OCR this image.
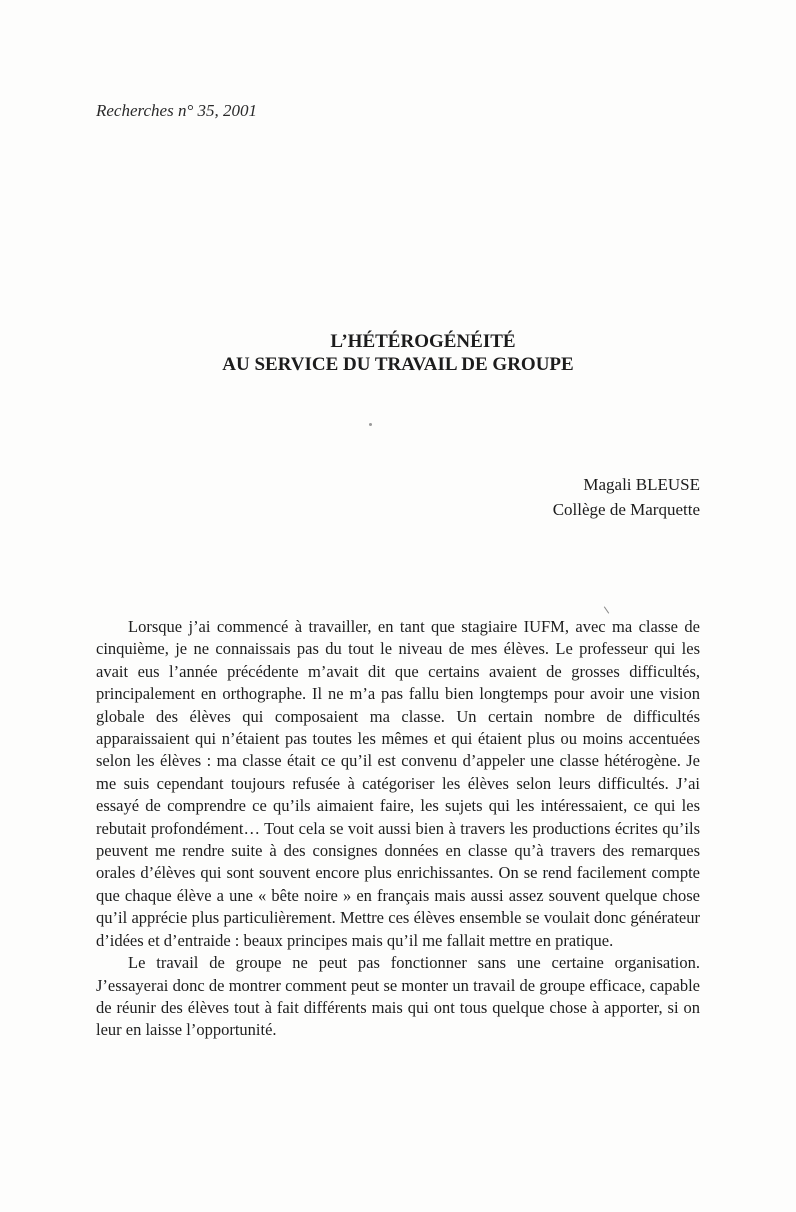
Recherches n° 35, 2001
L’HÉTÉROGÉNÉITÉ
AU SERVICE DU TRAVAIL DE GROUPE
Magali BLEUSE
Collège de Marquette

Lorsque j’ai commencé à travailler, en tant que stagiaire IUFM, avec ma classe de cinquième, je ne connaissais pas du tout le niveau de mes élèves. Le professeur qui les avait eus l’année précédente m’avait dit que certains avaient de grosses difficultés, principalement en orthographe. Il ne m’a pas fallu bien longtemps pour avoir une vision globale des élèves qui composaient ma classe. Un certain nombre de difficultés apparaissaient qui n’étaient pas toutes les mêmes et qui étaient plus ou moins accentuées selon les élèves : ma classe était ce qu’il est convenu d’appeler une classe hétérogène. Je me suis cependant toujours refusée à catégoriser les élèves selon leurs difficultés. J’ai essayé de comprendre ce qu’ils aimaient faire, les sujets qui les intéressaient, ce qui les rebutait profondément… Tout cela se voit aussi bien à travers les productions écrites qu’ils peuvent me rendre suite à des consignes données en classe qu’à travers des remarques orales d’élèves qui sont souvent encore plus enrichissantes. On se rend facilement compte que chaque élève a une « bête noire » en français mais aussi assez souvent quelque chose qu’il apprécie plus particulièrement. Mettre ces élèves ensemble se voulait donc générateur d’idées et d’entraide : beaux principes mais qu’il me fallait mettre en pratique.

Le travail de groupe ne peut pas fonctionner sans une certaine organisation. J’essayerai donc de montrer comment peut se monter un travail de groupe efficace, capable de réunir des élèves tout à fait différents mais qui ont tous quelque chose à apporter, si on leur en laisse l’opportunité.
